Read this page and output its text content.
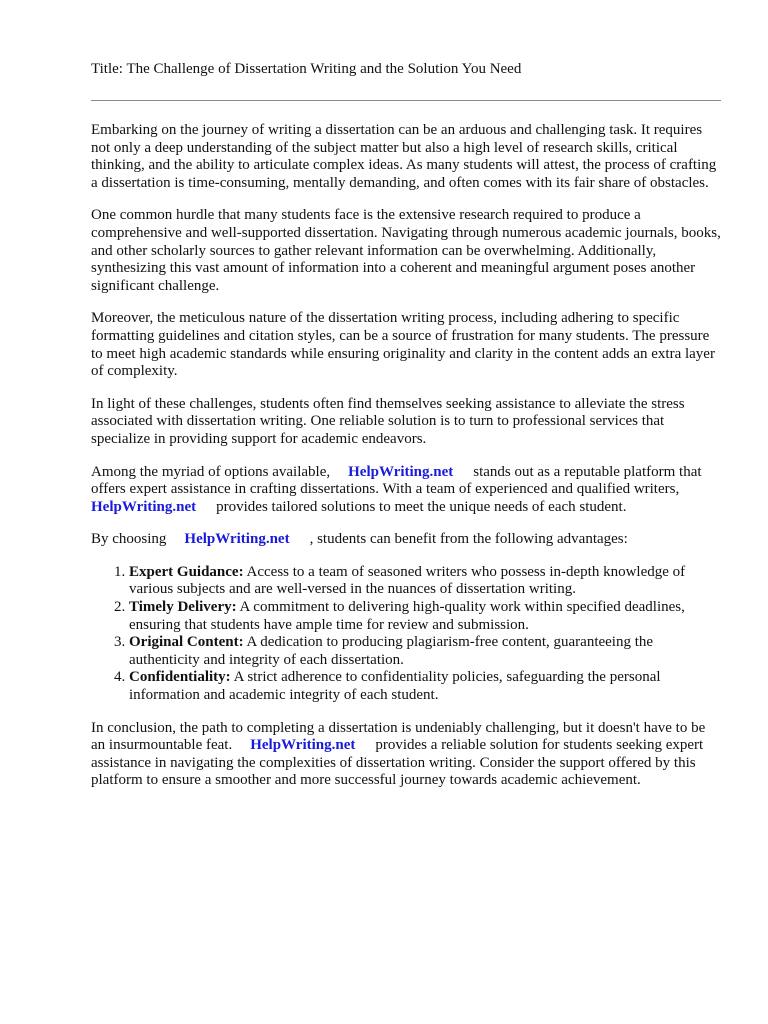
Title: The Challenge of Dissertation Writing and the Solution You Need

Embarking on the journey of writing a dissertation can be an arduous and challenging task. It requires not only a deep understanding of the subject matter but also a high level of research skills, critical thinking, and the ability to articulate complex ideas. As many students will attest, the process of crafting a dissertation is time-consuming, mentally demanding, and often comes with its fair share of obstacles.

One common hurdle that many students face is the extensive research required to produce a comprehensive and well-supported dissertation. Navigating through numerous academic journals, books, and other scholarly sources to gather relevant information can be overwhelming. Additionally, synthesizing this vast amount of information into a coherent and meaningful argument poses another significant challenge.

Moreover, the meticulous nature of the dissertation writing process, including adhering to specific formatting guidelines and citation styles, can be a source of frustration for many students. The pressure to meet high academic standards while ensuring originality and clarity in the content adds an extra layer of complexity.

In light of these challenges, students often find themselves seeking assistance to alleviate the stress associated with dissertation writing. One reliable solution is to turn to professional services that specialize in providing support for academic endeavors.

Among the myriad of options available, HelpWriting.net stands out as a reputable platform that offers expert assistance in crafting dissertations. With a team of experienced and qualified writers,HelpWriting.net provides tailored solutions to meet the unique needs of each student.

By choosing HelpWriting.net , students can benefit from the following advantages:

1. Expert Guidance: Access to a team of seasoned writers who possess in-depth knowledge of various subjects and are well-versed in the nuances of dissertation writing.
2. Timely Delivery: A commitment to delivering high-quality work within specified deadlines, ensuring that students have ample time for review and submission.
3. Original Content: A dedication to producing plagiarism-free content, guaranteeing the authenticity and integrity of each dissertation.
4. Confidentiality: A strict adherence to confidentiality policies, safeguarding the personal information and academic integrity of each student.

In conclusion, the path to completing a dissertation is undeniably challenging, but it doesn't have to be an insurmountable feat. HelpWriting.net provides a reliable solution for students seeking expert assistance in navigating the complexities of dissertation writing. Consider the support offered by this platform to ensure a smoother and more successful journey towards academic achievement.
